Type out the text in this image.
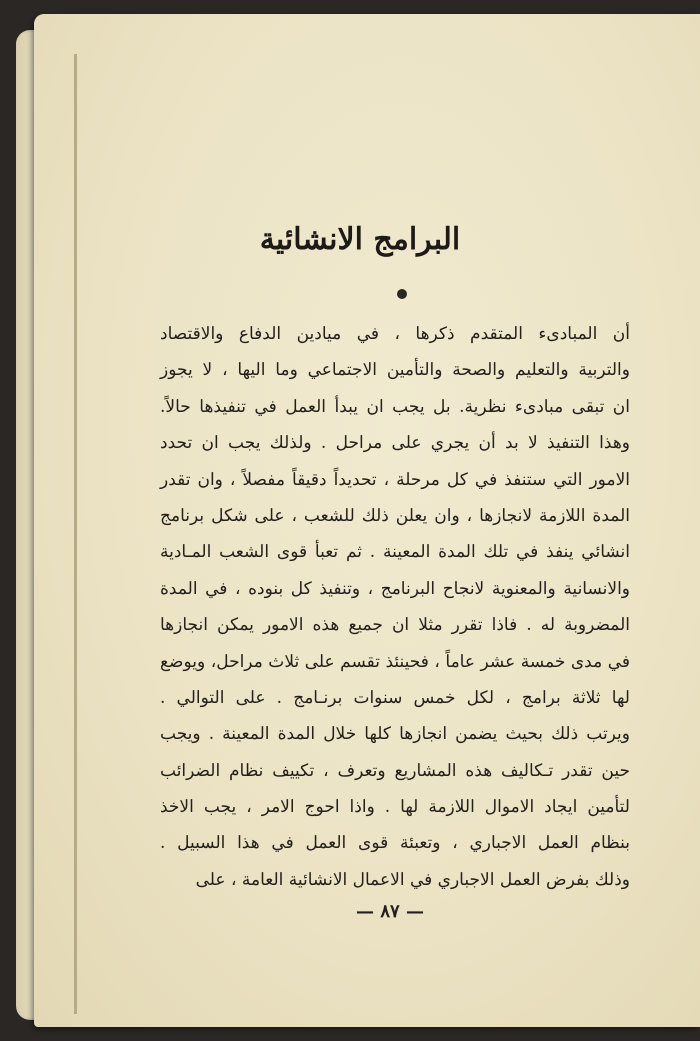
البرامج الانشائية
أن المبادىء المتقدم ذكرها ، في ميادين الدفاع والاقتصاد
والتربية والتعليم والصحة والتأمين الاجتماعي وما اليها ، لا يجوز
ان تبقى مبادىء نظرية. بل يجب ان يبدأ العمل في تنفيذها حالاً.
وهذا التنفيذ لا بد أن يجري على مراحل . ولذلك يجب ان تحدد
الامور التي ستنفذ في كل مرحلة ، تحديداً دقيقاً مفصلاً ، وان تقدر
المدة اللازمة لانجازها ، وان يعلن ذلك للشعب ، على شكل برنامج
انشائي ينفذ في تلك المدة المعينة . ثم تعبأ قوى الشعب المـادية
والانسانية والمعنوية لانجاح البرنامج ، وتنفيذ كل بنوده ، في المدة
المضروبة له . فاذا تقرر مثلا ان جميع هذه الامور يمكن انجازها
في مدى خمسة عشر عاماً ، فحينئذ تقسم على ثلاث مراحل، ويوضع
لها ثلاثة برامج ، لكل خمس سنوات برنـامج . على التوالي .
ويرتب ذلك بحيث يضمن انجازها كلها خلال المدة المعينة . ويجب
حين تقدر تـكاليف هذه المشاريع وتعرف ، تكييف نظام الضرائب
لتأمين ايجاد الاموال اللازمة لها . واذا احوج الامر ، يجب الاخذ
بنظام العمل الاجباري ، وتعبئة قوى العمل في هذا السبيل .
وذلك بفرض العمل الاجباري في الاعمال الانشائية العامة ، على
— ٨٧ —
